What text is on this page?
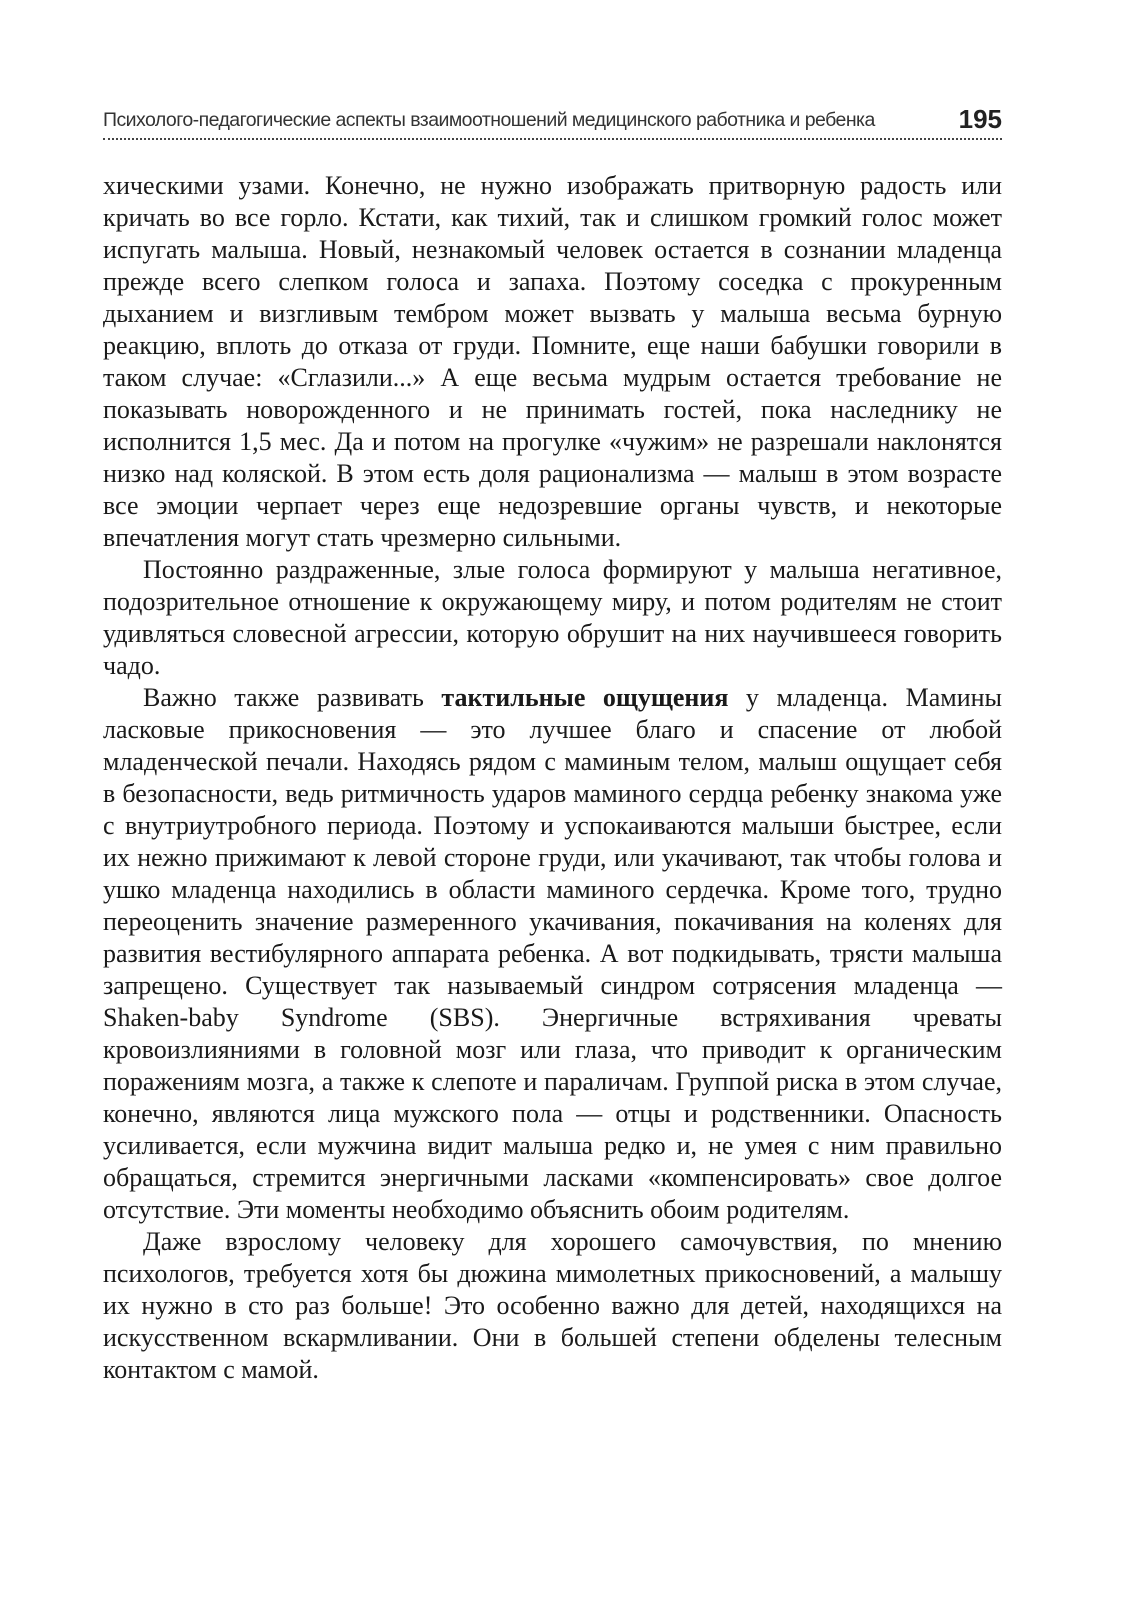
Психолого-педагогические аспекты взаимоотношений медицинского работника и ребенка	195

хическими узами. Конечно, не нужно изображать притворную радость или кричать во все горло. Кстати, как тихий, так и слишком громкий голос может испугать малыша. Новый, незнакомый человек остается в сознании младенца прежде всего слепком голоса и запаха. Поэтому соседка с прокуренным дыханием и визгливым тембром может вызвать у малыша весьма бурную реакцию, вплоть до отказа от груди. Помните, еще наши бабушки говорили в таком случае: «Сглазили...» А еще весьма мудрым остается требование не показывать новорожденного и не принимать гостей, пока наследнику не исполнится 1,5 мес. Да и потом на прогулке «чужим» не разрешали наклонятся низко над коляской. В этом есть доля рационализма — малыш в этом возрасте все эмоции черпает через еще недозревшие органы чувств, и некоторые впечатления могут стать чрезмерно сильными.

Постоянно раздраженные, злые голоса формируют у малыша негативное, подозрительное отношение к окружающему миру, и потом родителям не стоит удивляться словесной агрессии, которую обрушит на них научившееся говорить чадо.

Важно также развивать тактильные ощущения у младенца. Мамины ласковые прикосновения — это лучшее благо и спасение от любой младенческой печали. Находясь рядом с маминым телом, малыш ощущает себя в безопасности, ведь ритмичность ударов маминого сердца ребенку знакома уже с внутриутробного периода. Поэтому и успокаиваются малыши быстрее, если их нежно прижимают к левой стороне груди, или укачивают, так чтобы голова и ушко младенца находились в области маминого сердечка. Кроме того, трудно переоценить значение размеренного укачивания, покачивания на коленях для развития вестибулярного аппарата ребенка. А вот подкидывать, трясти малыша запрещено. Существует так называемый синдром сотрясения младенца — Shaken-baby Syndrome (SBS). Энергичные встряхивания чреваты кровоизлияниями в головной мозг или глаза, что приводит к органическим поражениям мозга, а также к слепоте и параличам. Группой риска в этом случае, конечно, являются лица мужского пола — отцы и родственники. Опасность усиливается, если мужчина видит малыша редко и, не умея с ним правильно обращаться, стремится энергичными ласками «компенсировать» свое долгое отсутствие. Эти моменты необходимо объяснить обоим родителям.

Даже взрослому человеку для хорошего самочувствия, по мнению психологов, требуется хотя бы дюжина мимолетных прикосновений, а малышу их нужно в сто раз больше! Это особенно важно для детей, находящихся на искусственном вскармливании. Они в большей степени обделены телесным контактом с мамой.
